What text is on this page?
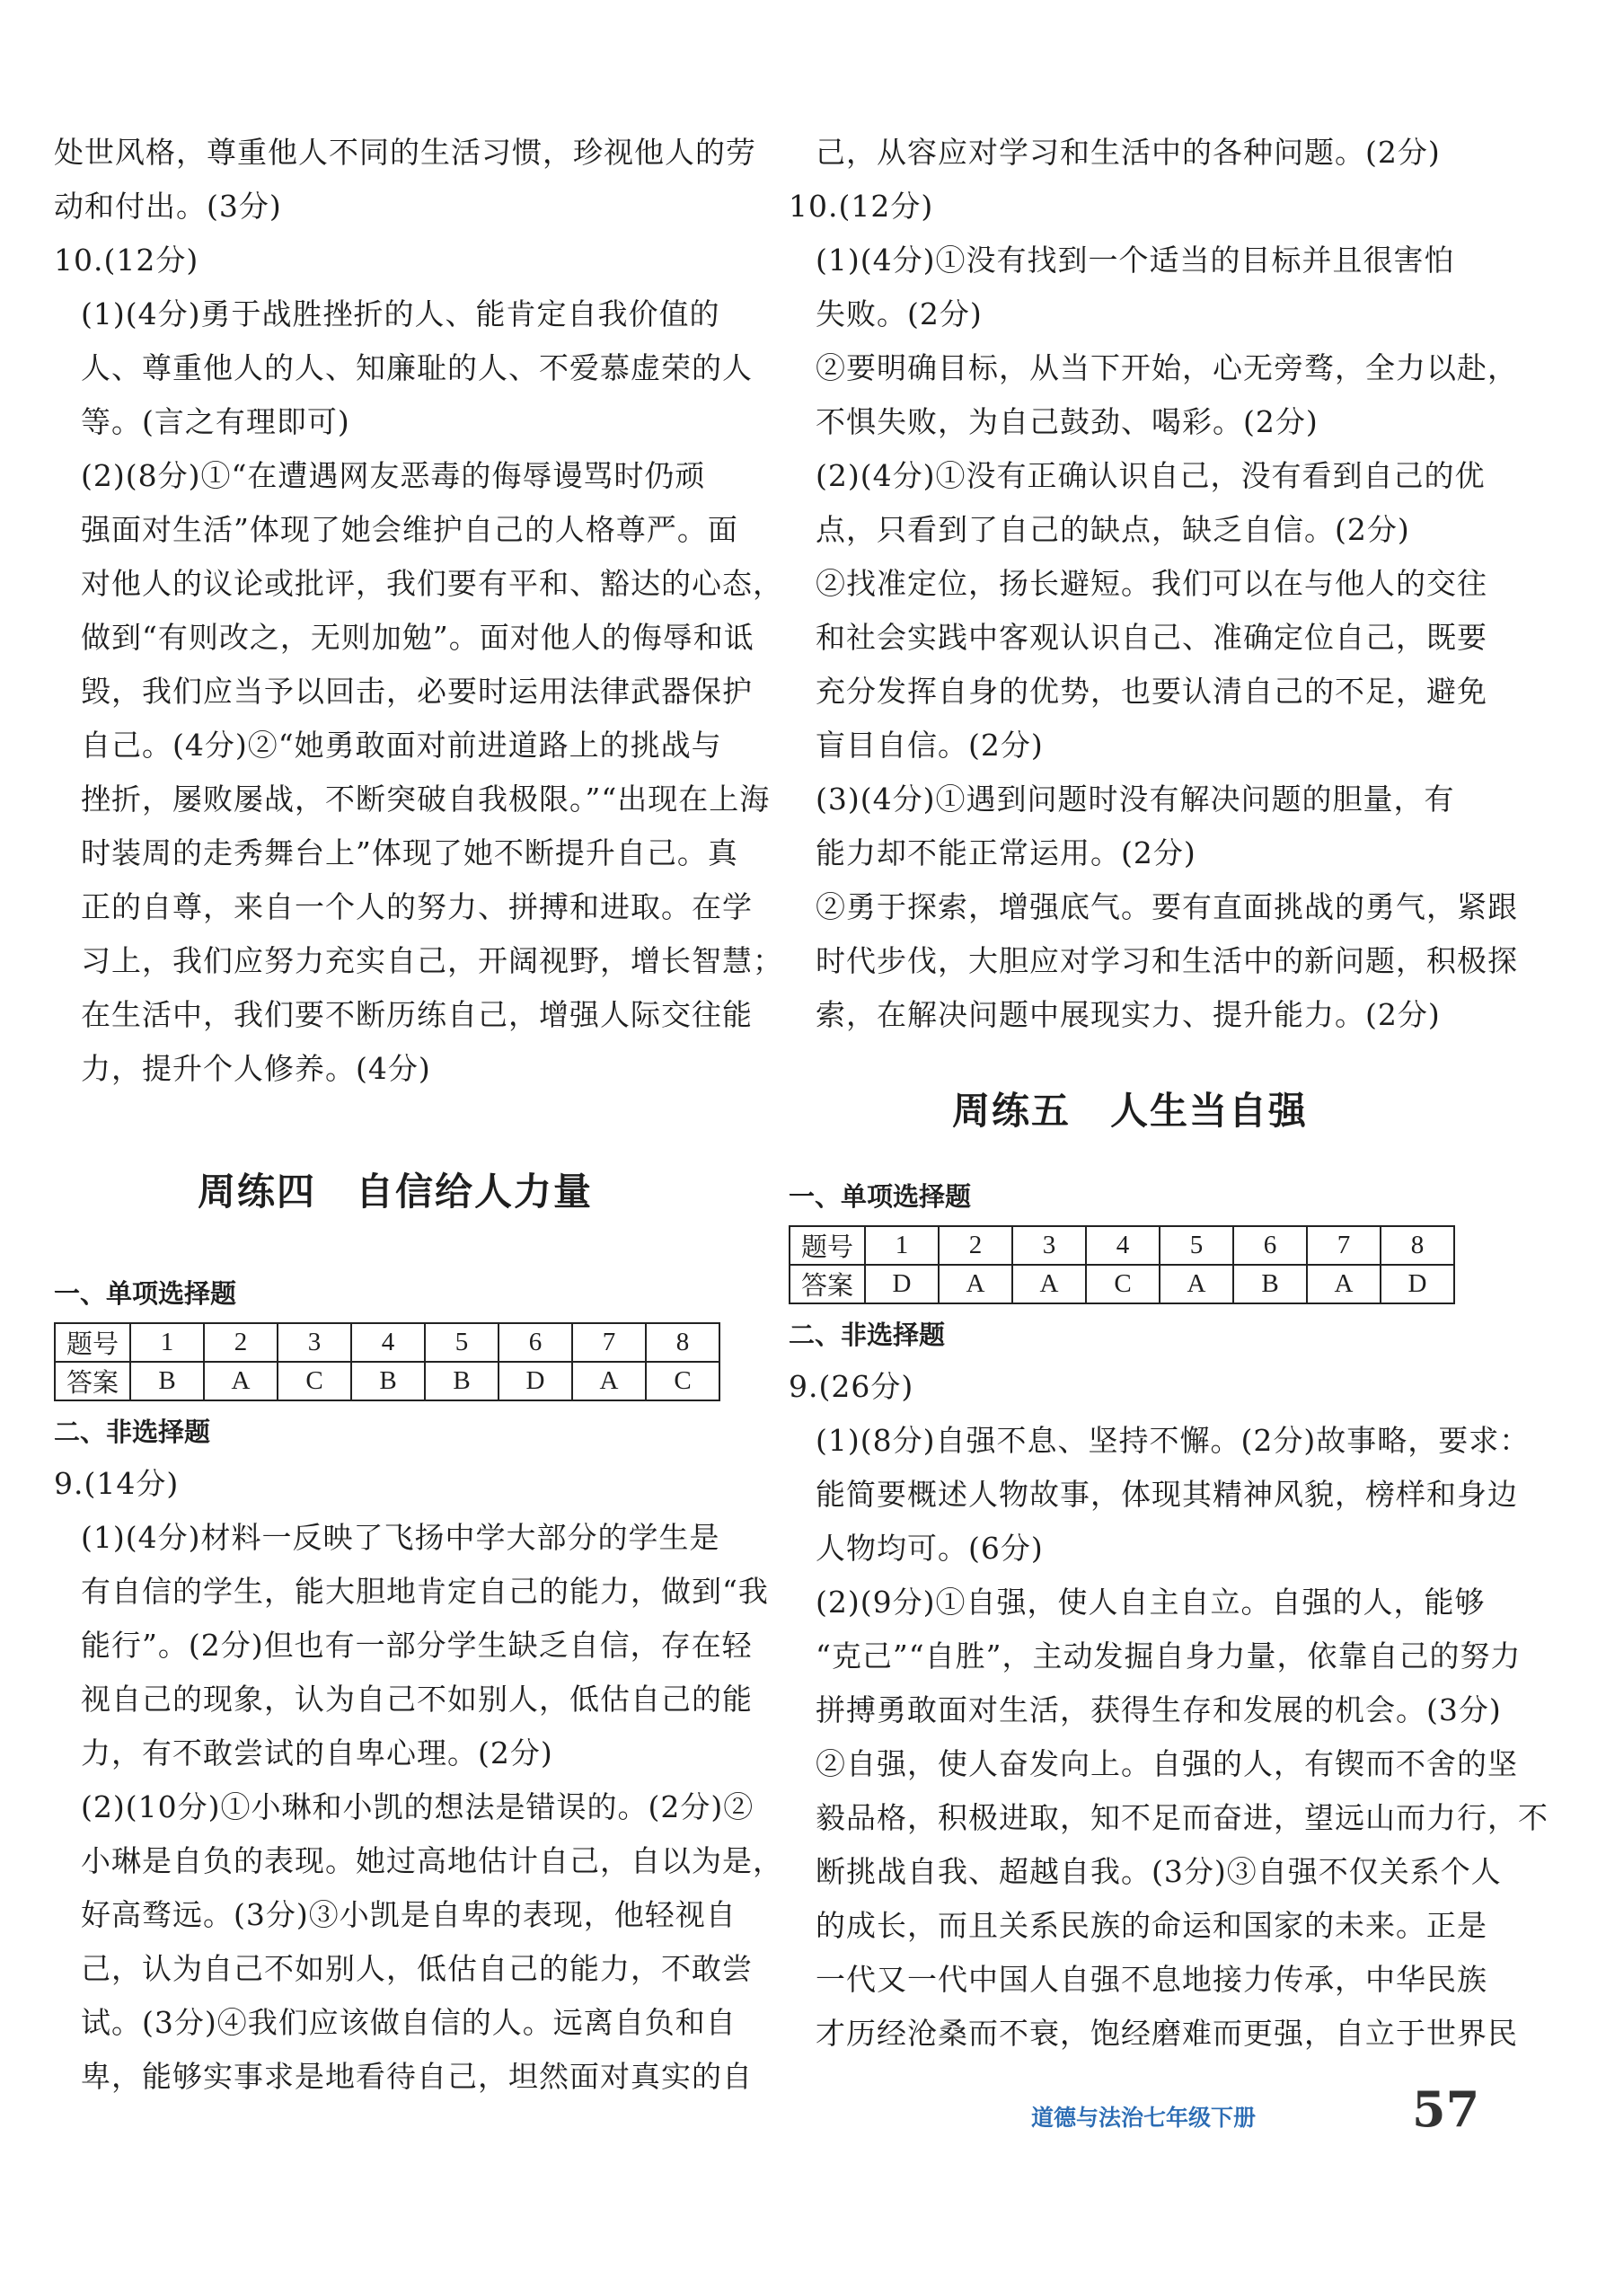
处世风格，尊重他人不同的生活习惯，珍视他人的劳

动和付出。(3分)

10.(12分)

(1)(4分)勇于战胜挫折的人、能肯定自我价值的

人、尊重他人的人、知廉耻的人、不爱慕虚荣的人

等。(言之有理即可)

(2)(8分)①“在遭遇网友恶毒的侮辱谩骂时仍顽

强面对生活”体现了她会维护自己的人格尊严。面

对他人的议论或批评，我们要有平和、豁达的心态，

做到“有则改之，无则加勉”。面对他人的侮辱和诋

毁，我们应当予以回击，必要时运用法律武器保护

自己。(4分)②“她勇敢面对前进道路上的挑战与

挫折，屡败屡战，不断突破自我极限。”“出现在上海

时装周的走秀舞台上”体现了她不断提升自己。真

正的自尊，来自一个人的努力、拼搏和进取。在学

习上，我们应努力充实自己，开阔视野，增长智慧；

在生活中，我们要不断历练自己，增强人际交往能

力，提升个人修养。(4分)

周练四　自信给人力量

一、单项选择题

题号	1	2	3	4	5	6	7	8
答案	B	A	C	B	B	D	A	C

二、非选择题

9.(14分)

(1)(4分)材料一反映了飞扬中学大部分的学生是

有自信的学生，能大胆地肯定自己的能力，做到“我

能行”。(2分)但也有一部分学生缺乏自信，存在轻

视自己的现象，认为自己不如别人，低估自己的能

力，有不敢尝试的自卑心理。(2分)

(2)(10分)①小琳和小凯的想法是错误的。(2分)②

小琳是自负的表现。她过高地估计自己，自以为是，

好高骛远。(3分)③小凯是自卑的表现，他轻视自

己，认为自己不如别人，低估自己的能力，不敢尝

试。(3分)④我们应该做自信的人。远离自负和自

卑，能够实事求是地看待自己，坦然面对真实的自

己，从容应对学习和生活中的各种问题。(2分)

10.(12分)

(1)(4分)①没有找到一个适当的目标并且很害怕

失败。(2分)

②要明确目标，从当下开始，心无旁骛，全力以赴，

不惧失败，为自己鼓劲、喝彩。(2分)

(2)(4分)①没有正确认识自己，没有看到自己的优

点，只看到了自己的缺点，缺乏自信。(2分)

②找准定位，扬长避短。我们可以在与他人的交往

和社会实践中客观认识自己、准确定位自己，既要

充分发挥自身的优势，也要认清自己的不足，避免

盲目自信。(2分)

(3)(4分)①遇到问题时没有解决问题的胆量，有

能力却不能正常运用。(2分)

②勇于探索，增强底气。要有直面挑战的勇气，紧跟

时代步伐，大胆应对学习和生活中的新问题，积极探

索，在解决问题中展现实力、提升能力。(2分)

周练五　人生当自强

一、单项选择题

题号	1	2	3	4	5	6	7	8
答案	D	A	A	C	A	B	A	D

二、非选择题

9.(26分)

(1)(8分)自强不息、坚持不懈。(2分)故事略，要求：

能简要概述人物故事，体现其精神风貌，榜样和身边

人物均可。(6分)

(2)(9分)①自强，使人自主自立。自强的人，能够

“克己”“自胜”，主动发掘自身力量，依靠自己的努力

拼搏勇敢面对生活，获得生存和发展的机会。(3分)

②自强，使人奋发向上。自强的人，有锲而不舍的坚

毅品格，积极进取，知不足而奋进，望远山而力行，不

断挑战自我、超越自我。(3分)③自强不仅关系个人

的成长，而且关系民族的命运和国家的未来。正是

一代又一代中国人自强不息地接力传承，中华民族

才历经沧桑而不衰，饱经磨难而更强，自立于世界民

道德与法治七年级下册	57
